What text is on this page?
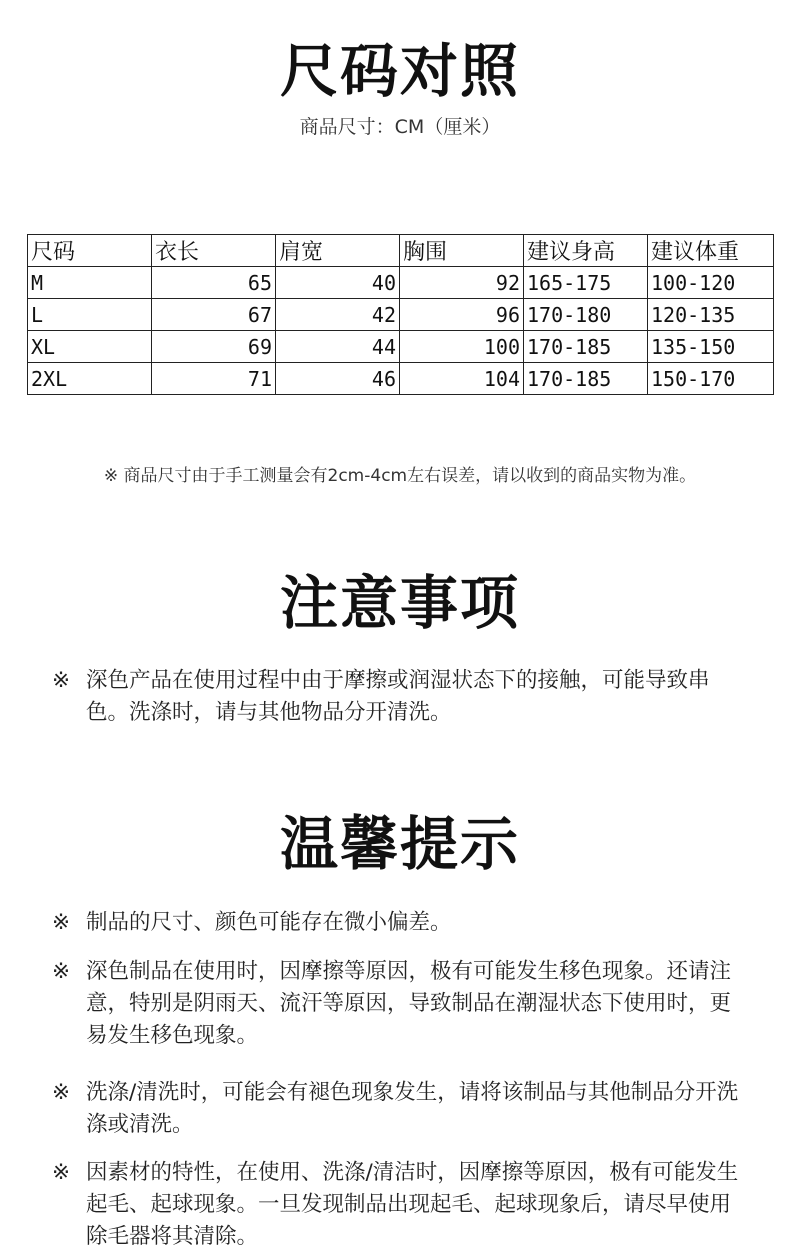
尺码对照
商品尺寸：CM（厘米）
尺码	衣长	肩宽	胸围	建议身高	建议体重
M	65	40	92	165-175	100-120
L	67	42	96	170-180	120-135
XL	69	44	100	170-185	135-150
2XL	71	46	104	170-185	150-170
※ 商品尺寸由于手工测量会有2cm-4cm左右误差，请以收到的商品实物为准。
注意事项
※ 深色产品在使用过程中由于摩擦或润湿状态下的接触，可能导致串色。洗涤时，请与其他物品分开清洗。
温馨提示
※ 制品的尺寸、颜色可能存在微小偏差。
※ 深色制品在使用时，因摩擦等原因，极有可能发生移色现象。还请注意，特别是阴雨天、流汗等原因，导致制品在潮湿状态下使用时，更易发生移色现象。
※ 洗涤/清洗时，可能会有褪色现象发生，请将该制品与其他制品分开洗涤或清洗。
※ 因素材的特性，在使用、洗涤/清洁时，因摩擦等原因，极有可能发生起毛、起球现象。一旦发现制品出现起毛、起球现象后，请尽早使用除毛器将其清除。
